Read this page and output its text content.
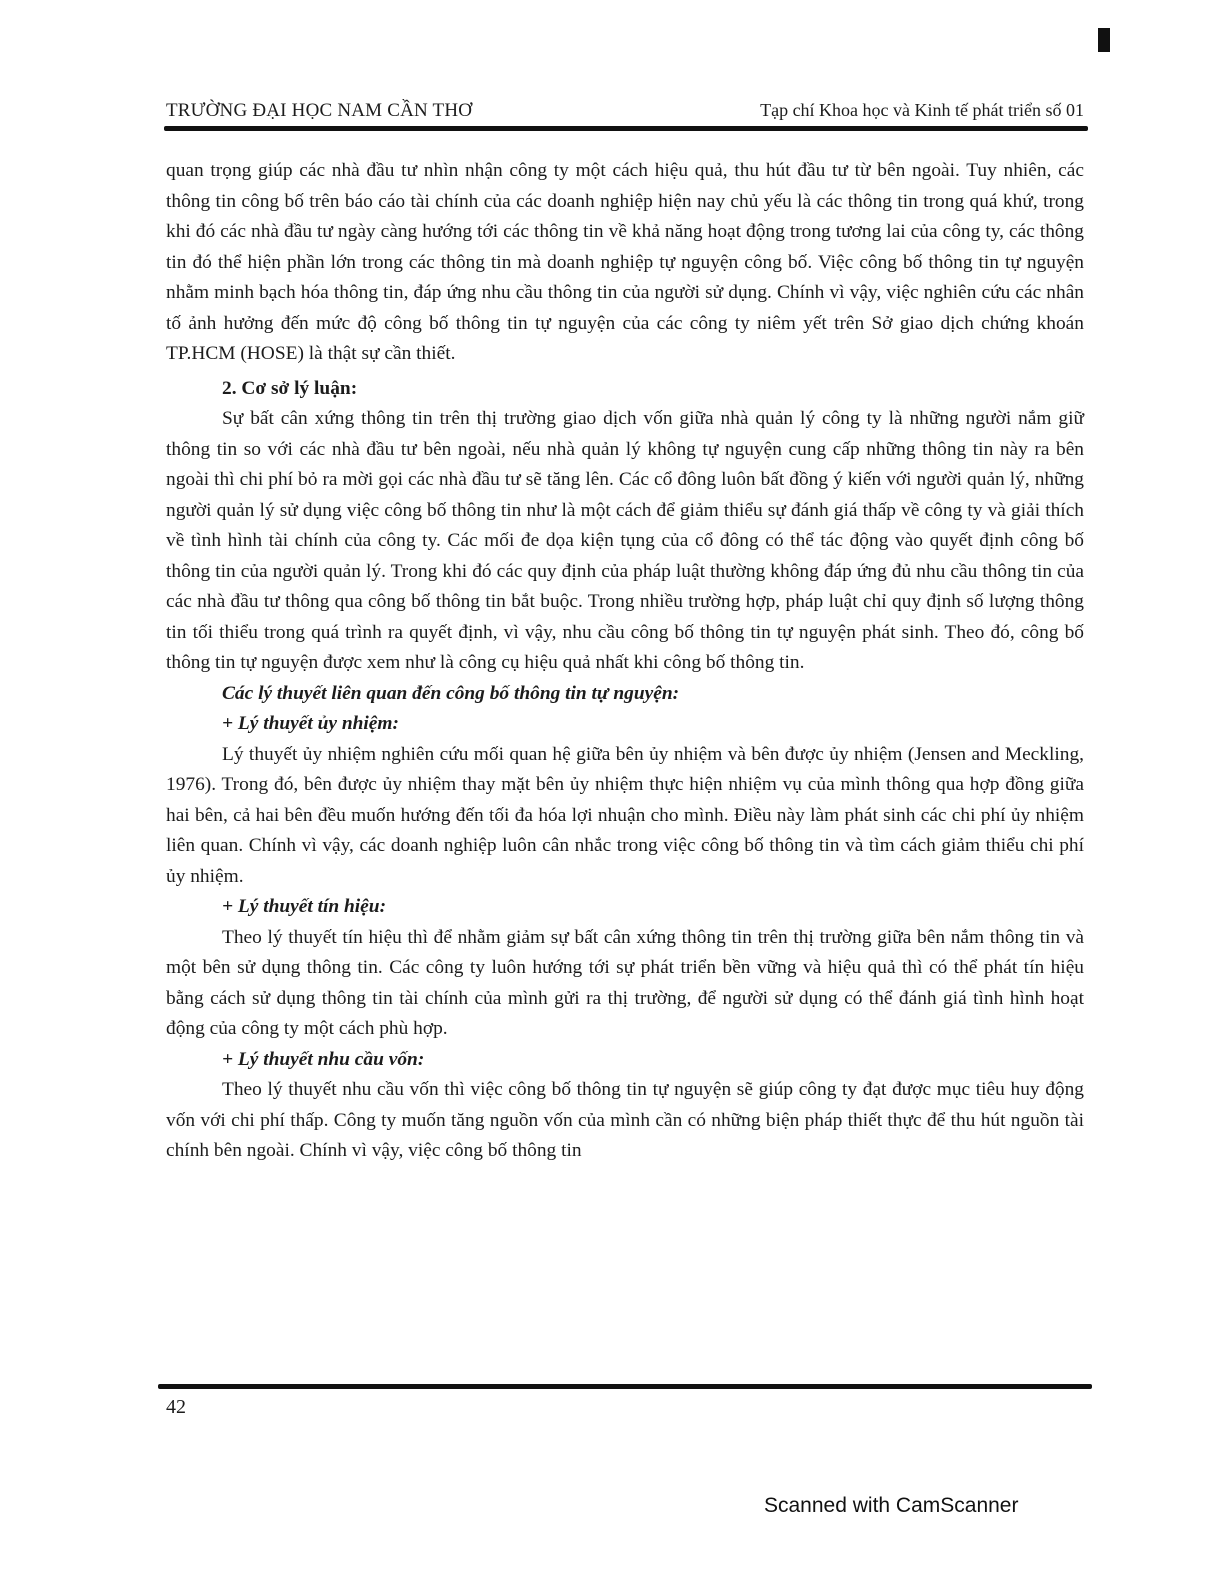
TRƯỜNG ĐẠI HỌC NAM CẦN THƠ	Tạp chí Khoa học và Kinh tế phát triển số 01

quan trọng giúp các nhà đầu tư nhìn nhận công ty một cách hiệu quả, thu hút đầu tư từ bên ngoài. Tuy nhiên, các thông tin công bố trên báo cáo tài chính của các doanh nghiệp hiện nay chủ yếu là các thông tin trong quá khứ, trong khi đó các nhà đầu tư ngày càng hướng tới các thông tin về khả năng hoạt động trong tương lai của công ty, các thông tin đó thể hiện phần lớn trong các thông tin mà doanh nghiệp tự nguyện công bố. Việc công bố thông tin tự nguyện nhằm minh bạch hóa thông tin, đáp ứng nhu cầu thông tin của người sử dụng. Chính vì vậy, việc nghiên cứu các nhân tố ảnh hưởng đến mức độ công bố thông tin tự nguyện của các công ty niêm yết trên Sở giao dịch chứng khoán TP.HCM (HOSE) là thật sự cần thiết.

2. Cơ sở lý luận:

Sự bất cân xứng thông tin trên thị trường giao dịch vốn giữa nhà quản lý công ty là những người nắm giữ thông tin so với các nhà đầu tư bên ngoài, nếu nhà quản lý không tự nguyện cung cấp những thông tin này ra bên ngoài thì chi phí bỏ ra mời gọi các nhà đầu tư sẽ tăng lên. Các cổ đông luôn bất đồng ý kiến với người quản lý, những người quản lý sử dụng việc công bố thông tin như là một cách để giảm thiểu sự đánh giá thấp về công ty và giải thích về tình hình tài chính của công ty. Các mối đe dọa kiện tụng của cổ đông có thể tác động vào quyết định công bố thông tin của người quản lý. Trong khi đó các quy định của pháp luật thường không đáp ứng đủ nhu cầu thông tin của các nhà đầu tư thông qua công bố thông tin bắt buộc. Trong nhiều trường hợp, pháp luật chỉ quy định số lượng thông tin tối thiểu trong quá trình ra quyết định, vì vậy, nhu cầu công bố thông tin tự nguyện phát sinh. Theo đó, công bố thông tin tự nguyện được xem như là công cụ hiệu quả nhất khi công bố thông tin.

Các lý thuyết liên quan đến công bố thông tin tự nguyện:

+ Lý thuyết ủy nhiệm:

Lý thuyết ủy nhiệm nghiên cứu mối quan hệ giữa bên ủy nhiệm và bên được ủy nhiệm (Jensen and Meckling, 1976). Trong đó, bên được ủy nhiệm thay mặt bên ủy nhiệm thực hiện nhiệm vụ của mình thông qua hợp đồng giữa hai bên, cả hai bên đều muốn hướng đến tối đa hóa lợi nhuận cho mình. Điều này làm phát sinh các chi phí ủy nhiệm liên quan. Chính vì vậy, các doanh nghiệp luôn cân nhắc trong việc công bố thông tin và tìm cách giảm thiểu chi phí ủy nhiệm.

+ Lý thuyết tín hiệu:

Theo lý thuyết tín hiệu thì để nhằm giảm sự bất cân xứng thông tin trên thị trường giữa bên nắm thông tin và một bên sử dụng thông tin. Các công ty luôn hướng tới sự phát triển bền vững và hiệu quả thì có thể phát tín hiệu bằng cách sử dụng thông tin tài chính của mình gửi ra thị trường, để người sử dụng có thể đánh giá tình hình hoạt động của công ty một cách phù hợp.

+ Lý thuyết nhu cầu vốn:

Theo lý thuyết nhu cầu vốn thì việc công bố thông tin tự nguyện sẽ giúp công ty đạt được mục tiêu huy động vốn với chi phí thấp. Công ty muốn tăng nguồn vốn của mình cần có những biện pháp thiết thực để thu hút nguồn tài chính bên ngoài. Chính vì vậy, việc công bố thông tin

42
Scanned with CamScanner
